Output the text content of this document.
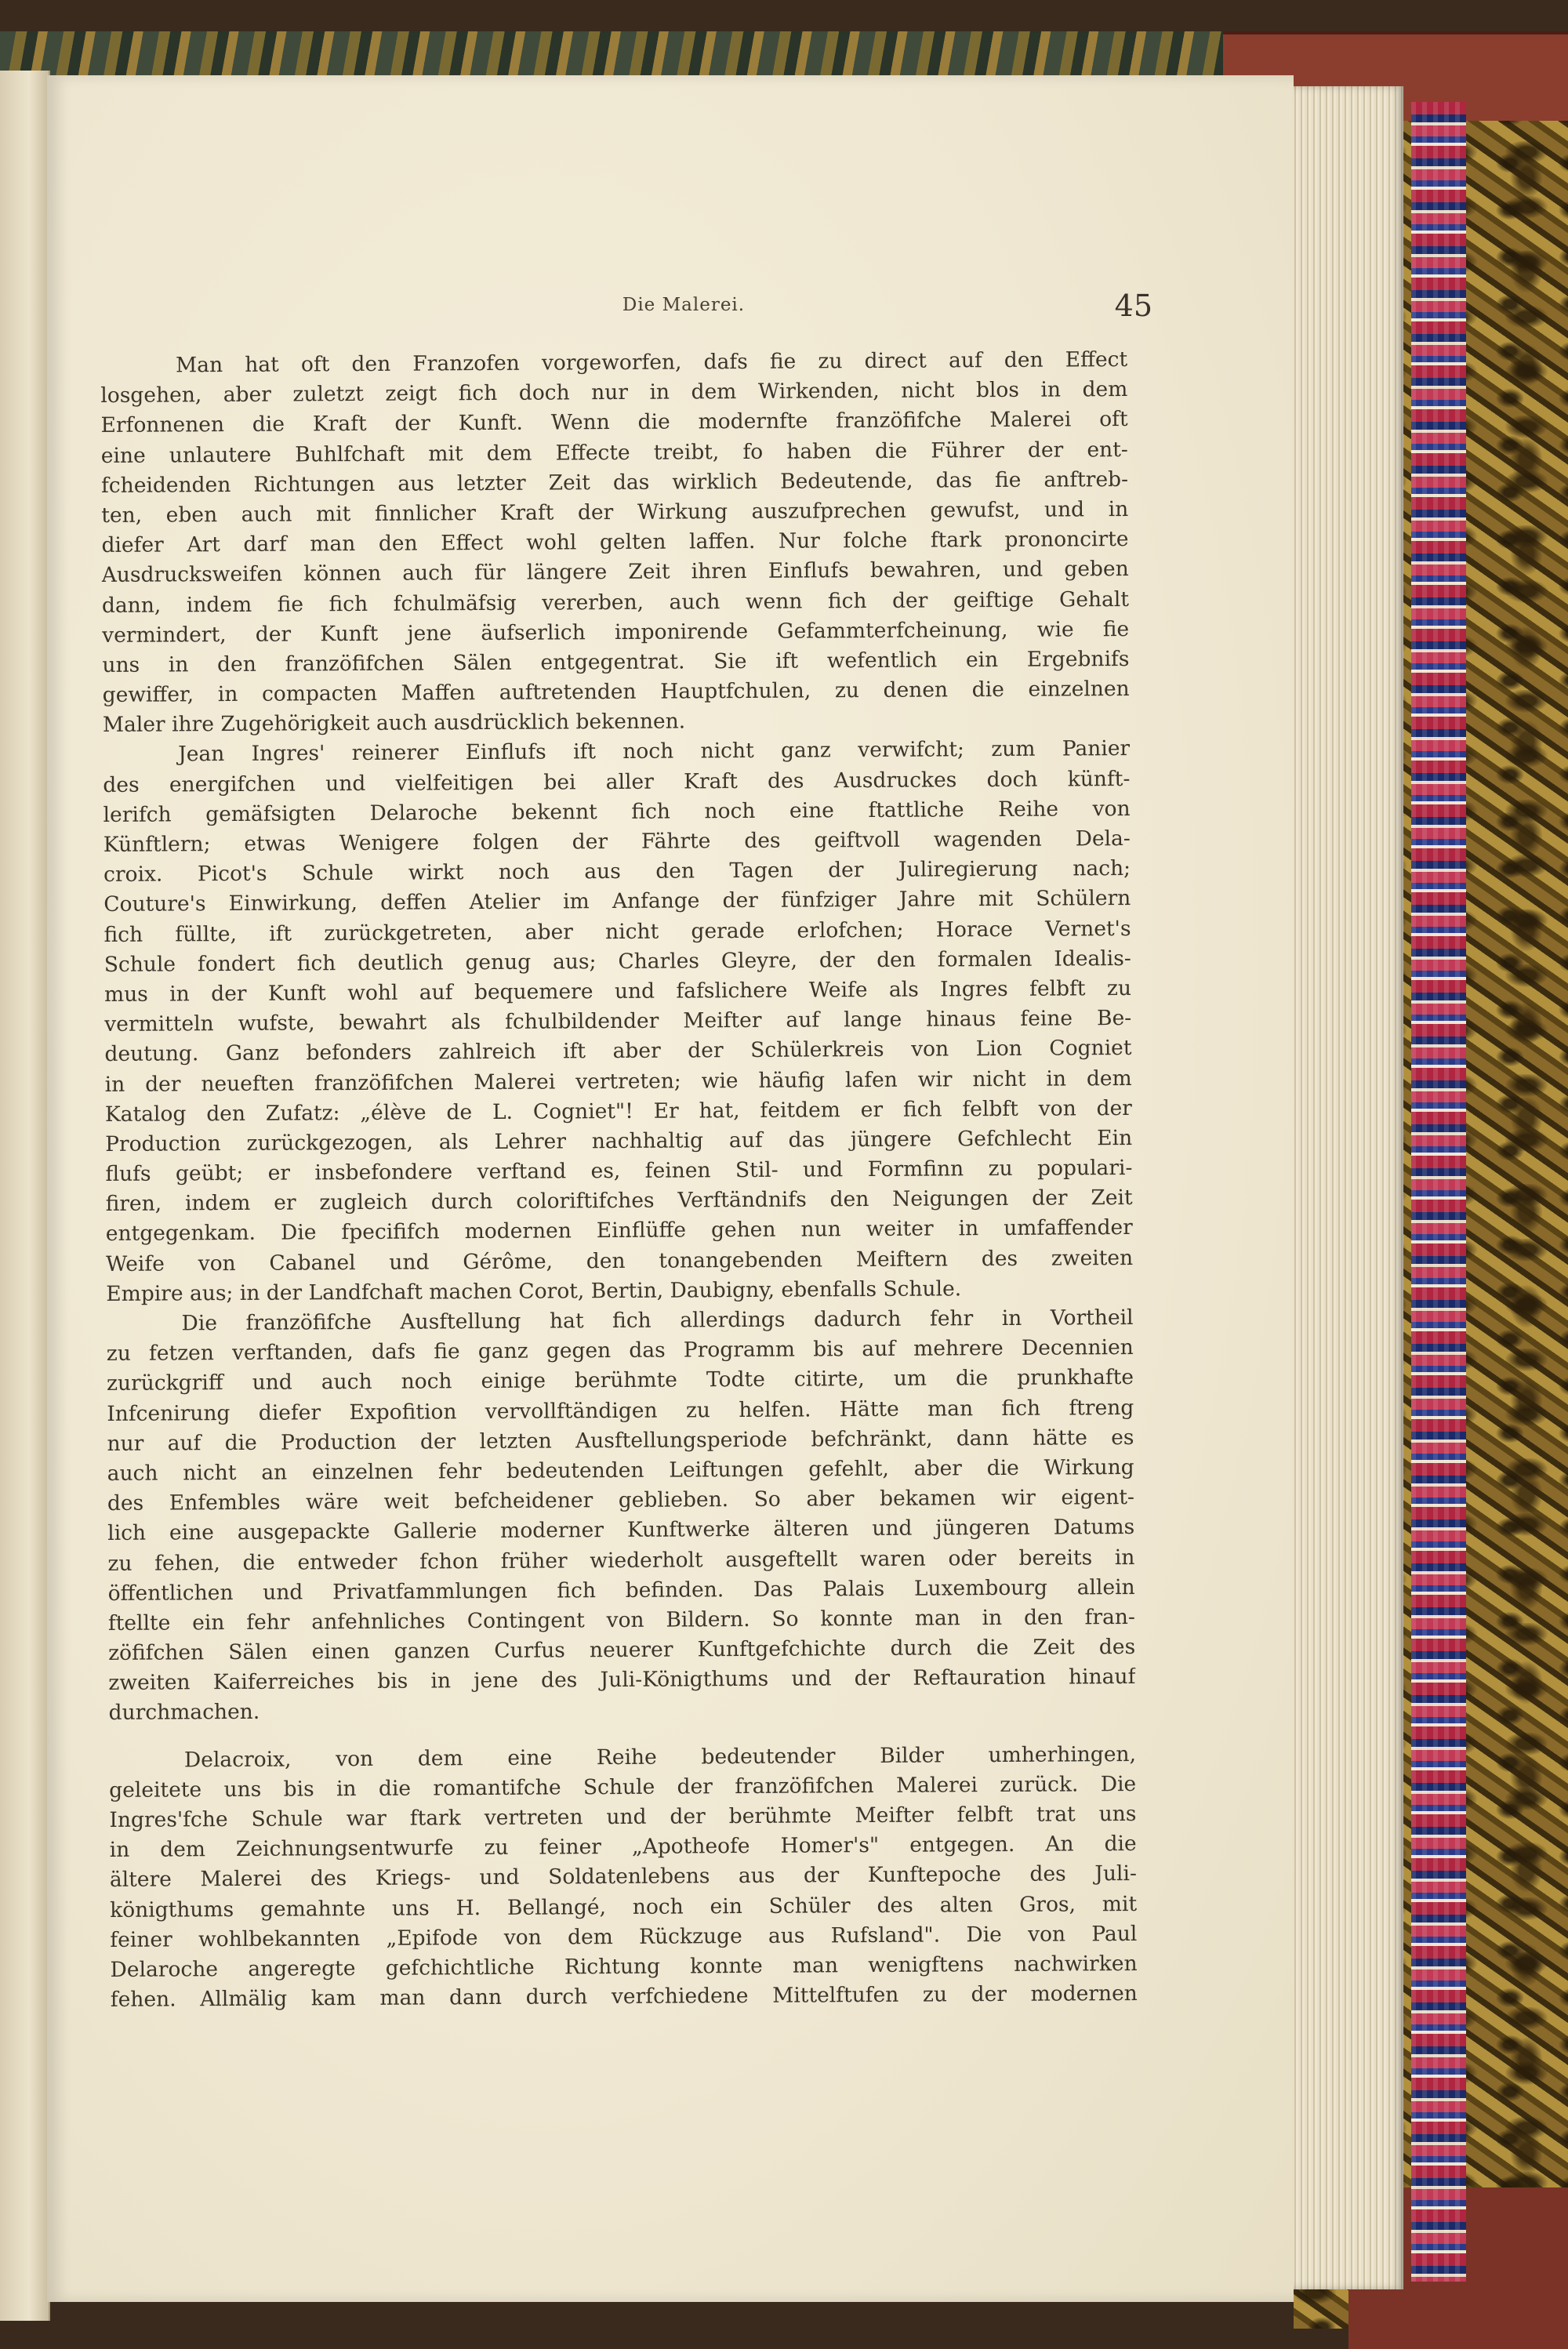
Die Malerei.	45
Man hat oft den Franzofen vorgeworfen, dafs fie zu direct auf den Effect
losgehen, aber zuletzt zeigt fich doch nur in dem Wirkenden, nicht blos in dem
Erfonnenen die Kraft der Kunft. Wenn die modernfte franzöfifche Malerei oft
eine unlautere Buhlfchaft mit dem Effecte treibt, fo haben die Führer der ent-
fcheidenden Richtungen aus letzter Zeit das wirklich Bedeutende, das fie anftreb-
ten, eben auch mit finnlicher Kraft der Wirkung auszufprechen gewufst, und in
diefer Art darf man den Effect wohl gelten laffen. Nur folche ftark prononcirte
Ausdrucksweifen können auch für längere Zeit ihren Einflufs bewahren, und geben
dann, indem fie fich fchulmäfsig vererben, auch wenn fich der geiftige Gehalt
vermindert, der Kunft jene äufserlich imponirende Gefammterfcheinung, wie fie
uns in den franzöfifchen Sälen entgegentrat. Sie ift wefentlich ein Ergebnifs
gewiffer, in compacten Maffen auftretenden Hauptfchulen, zu denen die einzelnen
Maler ihre Zugehörigkeit auch ausdrücklich bekennen.
Jean Ingres' reinerer Einflufs ift noch nicht ganz verwifcht; zum Panier
des energifchen und vielfeitigen bei aller Kraft des Ausdruckes doch künft-
lerifch gemäfsigten Delaroche bekennt fich noch eine ftattliche Reihe von
Künftlern; etwas Wenigere folgen der Fährte des geiftvoll wagenden Dela-
croix. Picot's Schule wirkt noch aus den Tagen der Juliregierung nach;
Couture's Einwirkung, deffen Atelier im Anfange der fünfziger Jahre mit Schülern
fich füllte, ift zurückgetreten, aber nicht gerade erlofchen; Horace Vernet's
Schule fondert fich deutlich genug aus; Charles Gleyre, der den formalen Idealis-
mus in der Kunft wohl auf bequemere und fafslichere Weife als Ingres felbft zu
vermitteln wufste, bewahrt als fchulbildender Meifter auf lange hinaus feine Be-
deutung. Ganz befonders zahlreich ift aber der Schülerkreis von Lion Cogniet
in der neueften franzöfifchen Malerei vertreten; wie häufig lafen wir nicht in dem
Katalog den Zufatz: „élève de L. Cogniet"! Er hat, feitdem er fich felbft von der
Production zurückgezogen, als Lehrer nachhaltig auf das jüngere Gefchlecht Ein
flufs geübt; er insbefondere verftand es, feinen Stil- und Formfinn zu populari-
firen, indem er zugleich durch coloriftifches Verftändnifs den Neigungen der Zeit
entgegenkam. Die fpecififch modernen Einflüffe gehen nun weiter in umfaffender
Weife von Cabanel und Gérôme, den tonangebenden Meiftern des zweiten
Empire aus; in der Landfchaft machen Corot, Bertin, Daubigny, ebenfalls Schule.
Die franzöfifche Ausftellung hat fich allerdings dadurch fehr in Vortheil
zu fetzen verftanden, dafs fie ganz gegen das Programm bis auf mehrere Decennien
zurückgriff und auch noch einige berühmte Todte citirte, um die prunkhafte
Infcenirung diefer Expofition vervollftändigen zu helfen. Hätte man fich ftreng
nur auf die Production der letzten Ausftellungsperiode befchränkt, dann hätte es
auch nicht an einzelnen fehr bedeutenden Leiftungen gefehlt, aber die Wirkung
des Enfembles wäre weit befcheidener geblieben. So aber bekamen wir eigent-
lich eine ausgepackte Gallerie moderner Kunftwerke älteren und jüngeren Datums
zu fehen, die entweder fchon früher wiederholt ausgeftellt waren oder bereits in
öffentlichen und Privatfammlungen fich befinden. Das Palais Luxembourg allein
ftellte ein fehr anfehnliches Contingent von Bildern. So konnte man in den fran-
zöfifchen Sälen einen ganzen Curfus neuerer Kunftgefchichte durch die Zeit des
zweiten Kaiferreiches bis in jene des Juli-Königthums und der Reftauration hinauf
durchmachen.
Delacroix, von dem eine Reihe bedeutender Bilder umherhingen,
geleitete uns bis in die romantifche Schule der franzöfifchen Malerei zurück. Die
Ingres'fche Schule war ftark vertreten und der berühmte Meifter felbft trat uns
in dem Zeichnungsentwurfe zu feiner „Apotheofe Homer's" entgegen. An die
ältere Malerei des Kriegs- und Soldatenlebens aus der Kunftepoche des Juli-
königthums gemahnte uns H. Bellangé, noch ein Schüler des alten Gros, mit
feiner wohlbekannten „Epifode von dem Rückzuge aus Rufsland". Die von Paul
Delaroche angeregte gefchichtliche Richtung konnte man wenigftens nachwirken
fehen. Allmälig kam man dann durch verfchiedene Mittelftufen zu der modernen
